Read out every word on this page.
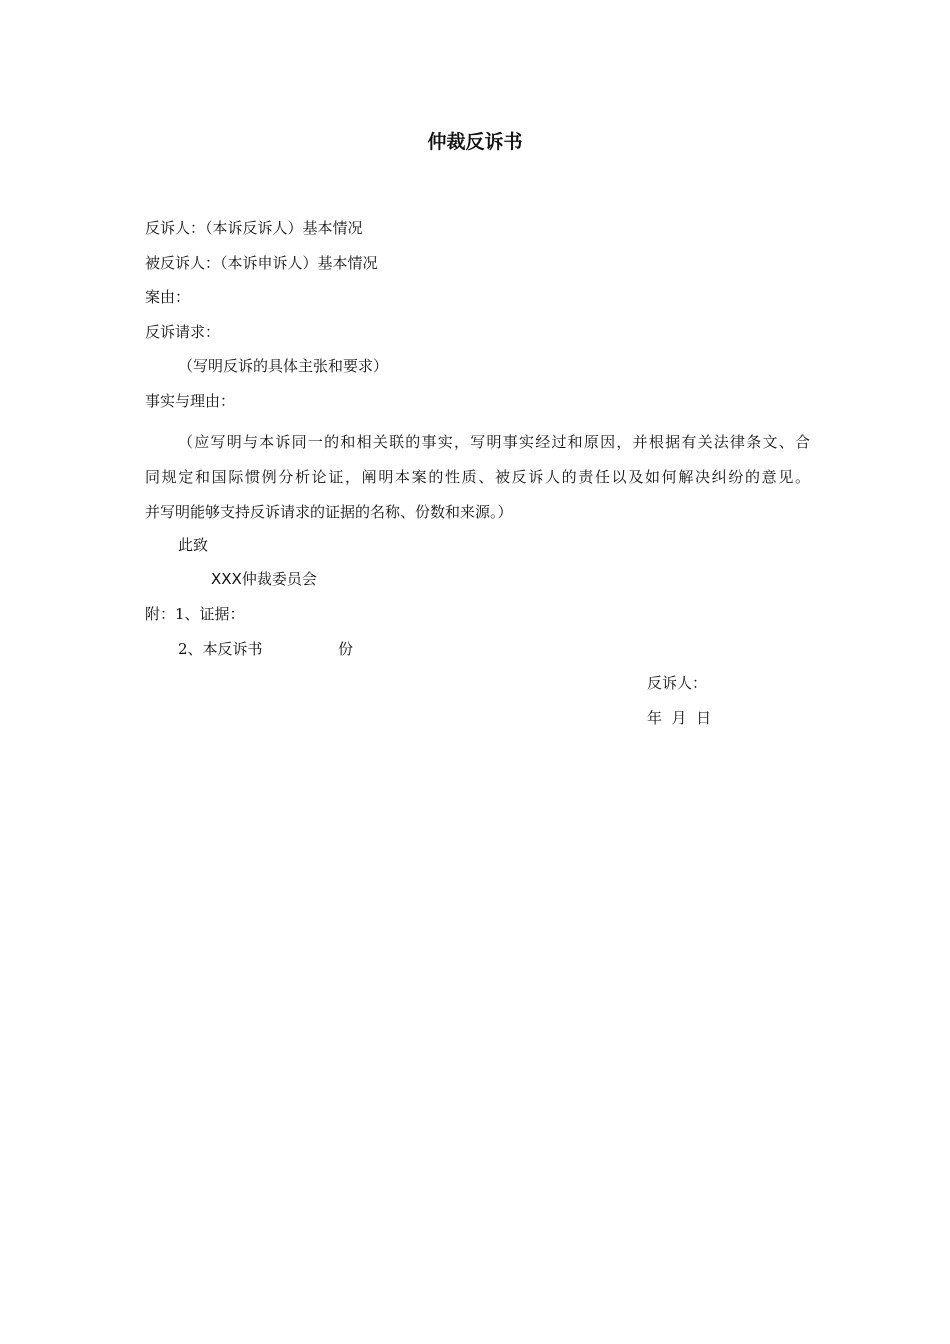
仲裁反诉书
反诉人：（本诉反诉人）基本情况
被反诉人：（本诉申诉人）基本情况
案由：
反诉请求：
（写明反诉的具体主张和要求）
事实与理由：
（应写明与本诉同一的和相关联的事实，写明事实经过和原因，并根据有关法律条文、合
同规定和国际惯例分析论证，阐明本案的性质、被反诉人的责任以及如何解决纠纷的意见。
并写明能够支持反诉请求的证据的名称、份数和来源。）
此致
XXX仲裁委员会
附：1、证据：
2、本反诉书	份
反诉人：
年  月  日
